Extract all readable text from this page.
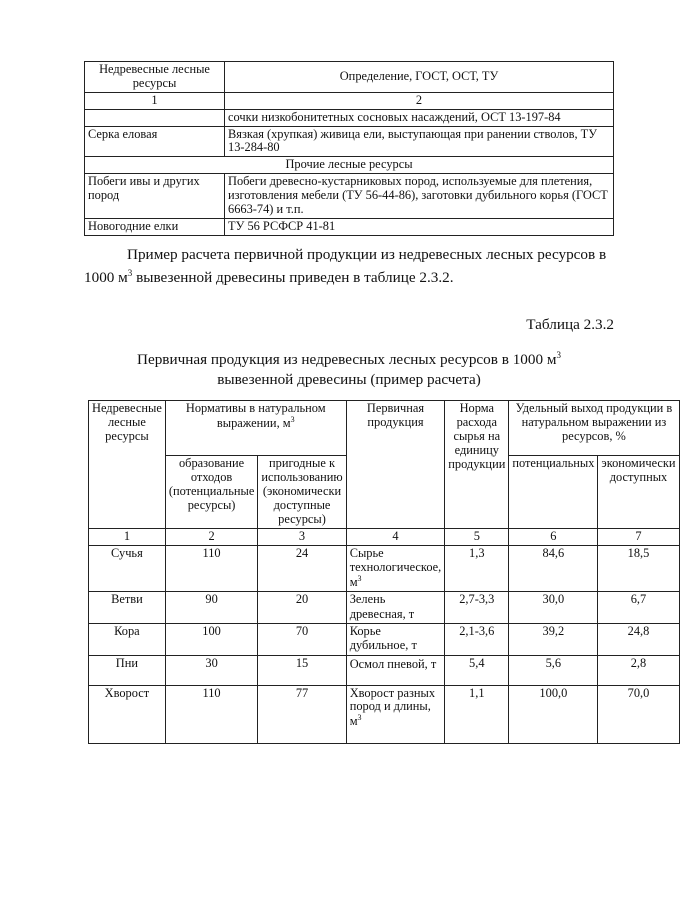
Недревесные лесные ресурсы	Определение, ГОСТ, ОСТ, ТУ
1	2
	сочки низкобонитетных сосновых насаждений, ОСТ 13-197-84
Серка еловая	Вязкая (хрупкая) живица ели, выступающая при ранении стволов, ТУ 13-284-80
Прочие лесные ресурсы	
Побеги ивы и других пород	Побеги древесно-кустарниковых пород, используемые для плетения, изготовления мебели (ТУ 56-44-86), заготовки дубильного корья (ГОСТ 6663-74) и т.п.
Новогодние елки	ТУ 56 РСФСР 41-81

Пример расчета первичной продукции из недревесных лесных ресурсов в 1000 $м^3$ вывезенной древесины приведен в таблице 2.3.2.

Таблица 2.3.2
Первичная продукция из недревесных лесных ресурсов в 1000 $м^3$
вывезенной древесины (пример расчета)
Недревесные лесные ресурсы	Нормативы в натуральном выражении, $м^3$		Первичная продукция	Норма расхода сырья на единицу продукции	Удельный выход продукции в натуральном выражении из ресурсов, %	
	образование отходов (потенциальные ресурсы)	пригодные к использованию (экономически доступные ресурсы)			потенциальных	экономически доступных
1	2	3	4	5	6	7
Сучья	110	24	Сырье технологическое, $м^3$	1,3	84,6	18,5
Ветви	90	20	Зелень древесная, т	2,7-3,3	30,0	6,7
Кора	100	70	Корье дубильное, т	2,1-3,6	39,2	24,8
Пни	30	15	Осмол пневой, т	5,4	5,6	2,8
Хворост	110	77	Хворост разных пород и длины, $м^3$	1,1	100,0	70,0
